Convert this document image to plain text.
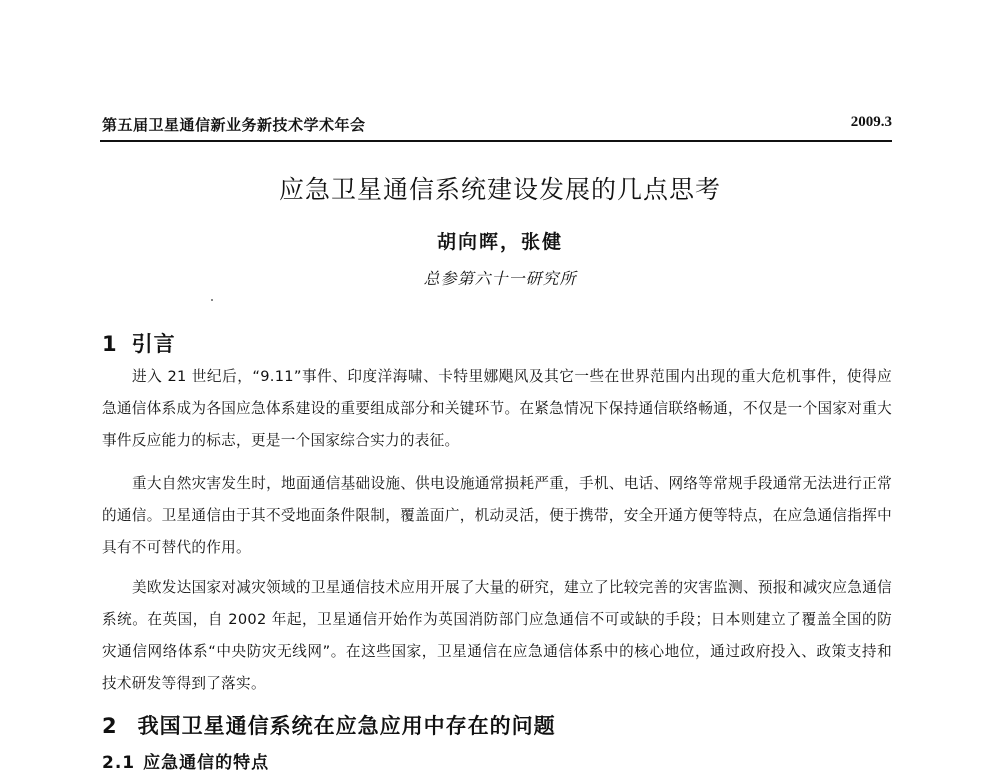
第五届卫星通信新业务新技术学术年会	2009.3
应急卫星通信系统建设发展的几点思考
胡向晖，张健
总参第六十一研究所
1 引言

进入 21 世纪后，“9.11”事件、印度洋海啸、卡特里娜飓风及其它一些在世界范围内出现的重大危机事件，使得应急通信体系成为各国应急体系建设的重要组成部分和关键环节。在紧急情况下保持通信联络畅通，不仅是一个国家对重大事件反应能力的标志，更是一个国家综合实力的表征。

重大自然灾害发生时，地面通信基础设施、供电设施通常损耗严重，手机、电话、网络等常规手段通常无法进行正常的通信。卫星通信由于其不受地面条件限制，覆盖面广，机动灵活，便于携带，安全开通方便等特点，在应急通信指挥中具有不可替代的作用。

美欧发达国家对减灾领域的卫星通信技术应用开展了大量的研究，建立了比较完善的灾害监测、预报和减灾应急通信系统。在英国，自 2002 年起，卫星通信开始作为英国消防部门应急通信不可或缺的手段；日本则建立了覆盖全国的防灾通信网络体系“中央防灾无线网”。在这些国家，卫星通信在应急通信体系中的核心地位，通过政府投入、政策支持和技术研发等得到了落实。

2 我国卫星通信系统在应急应用中存在的问题
2.1 应急通信的特点
